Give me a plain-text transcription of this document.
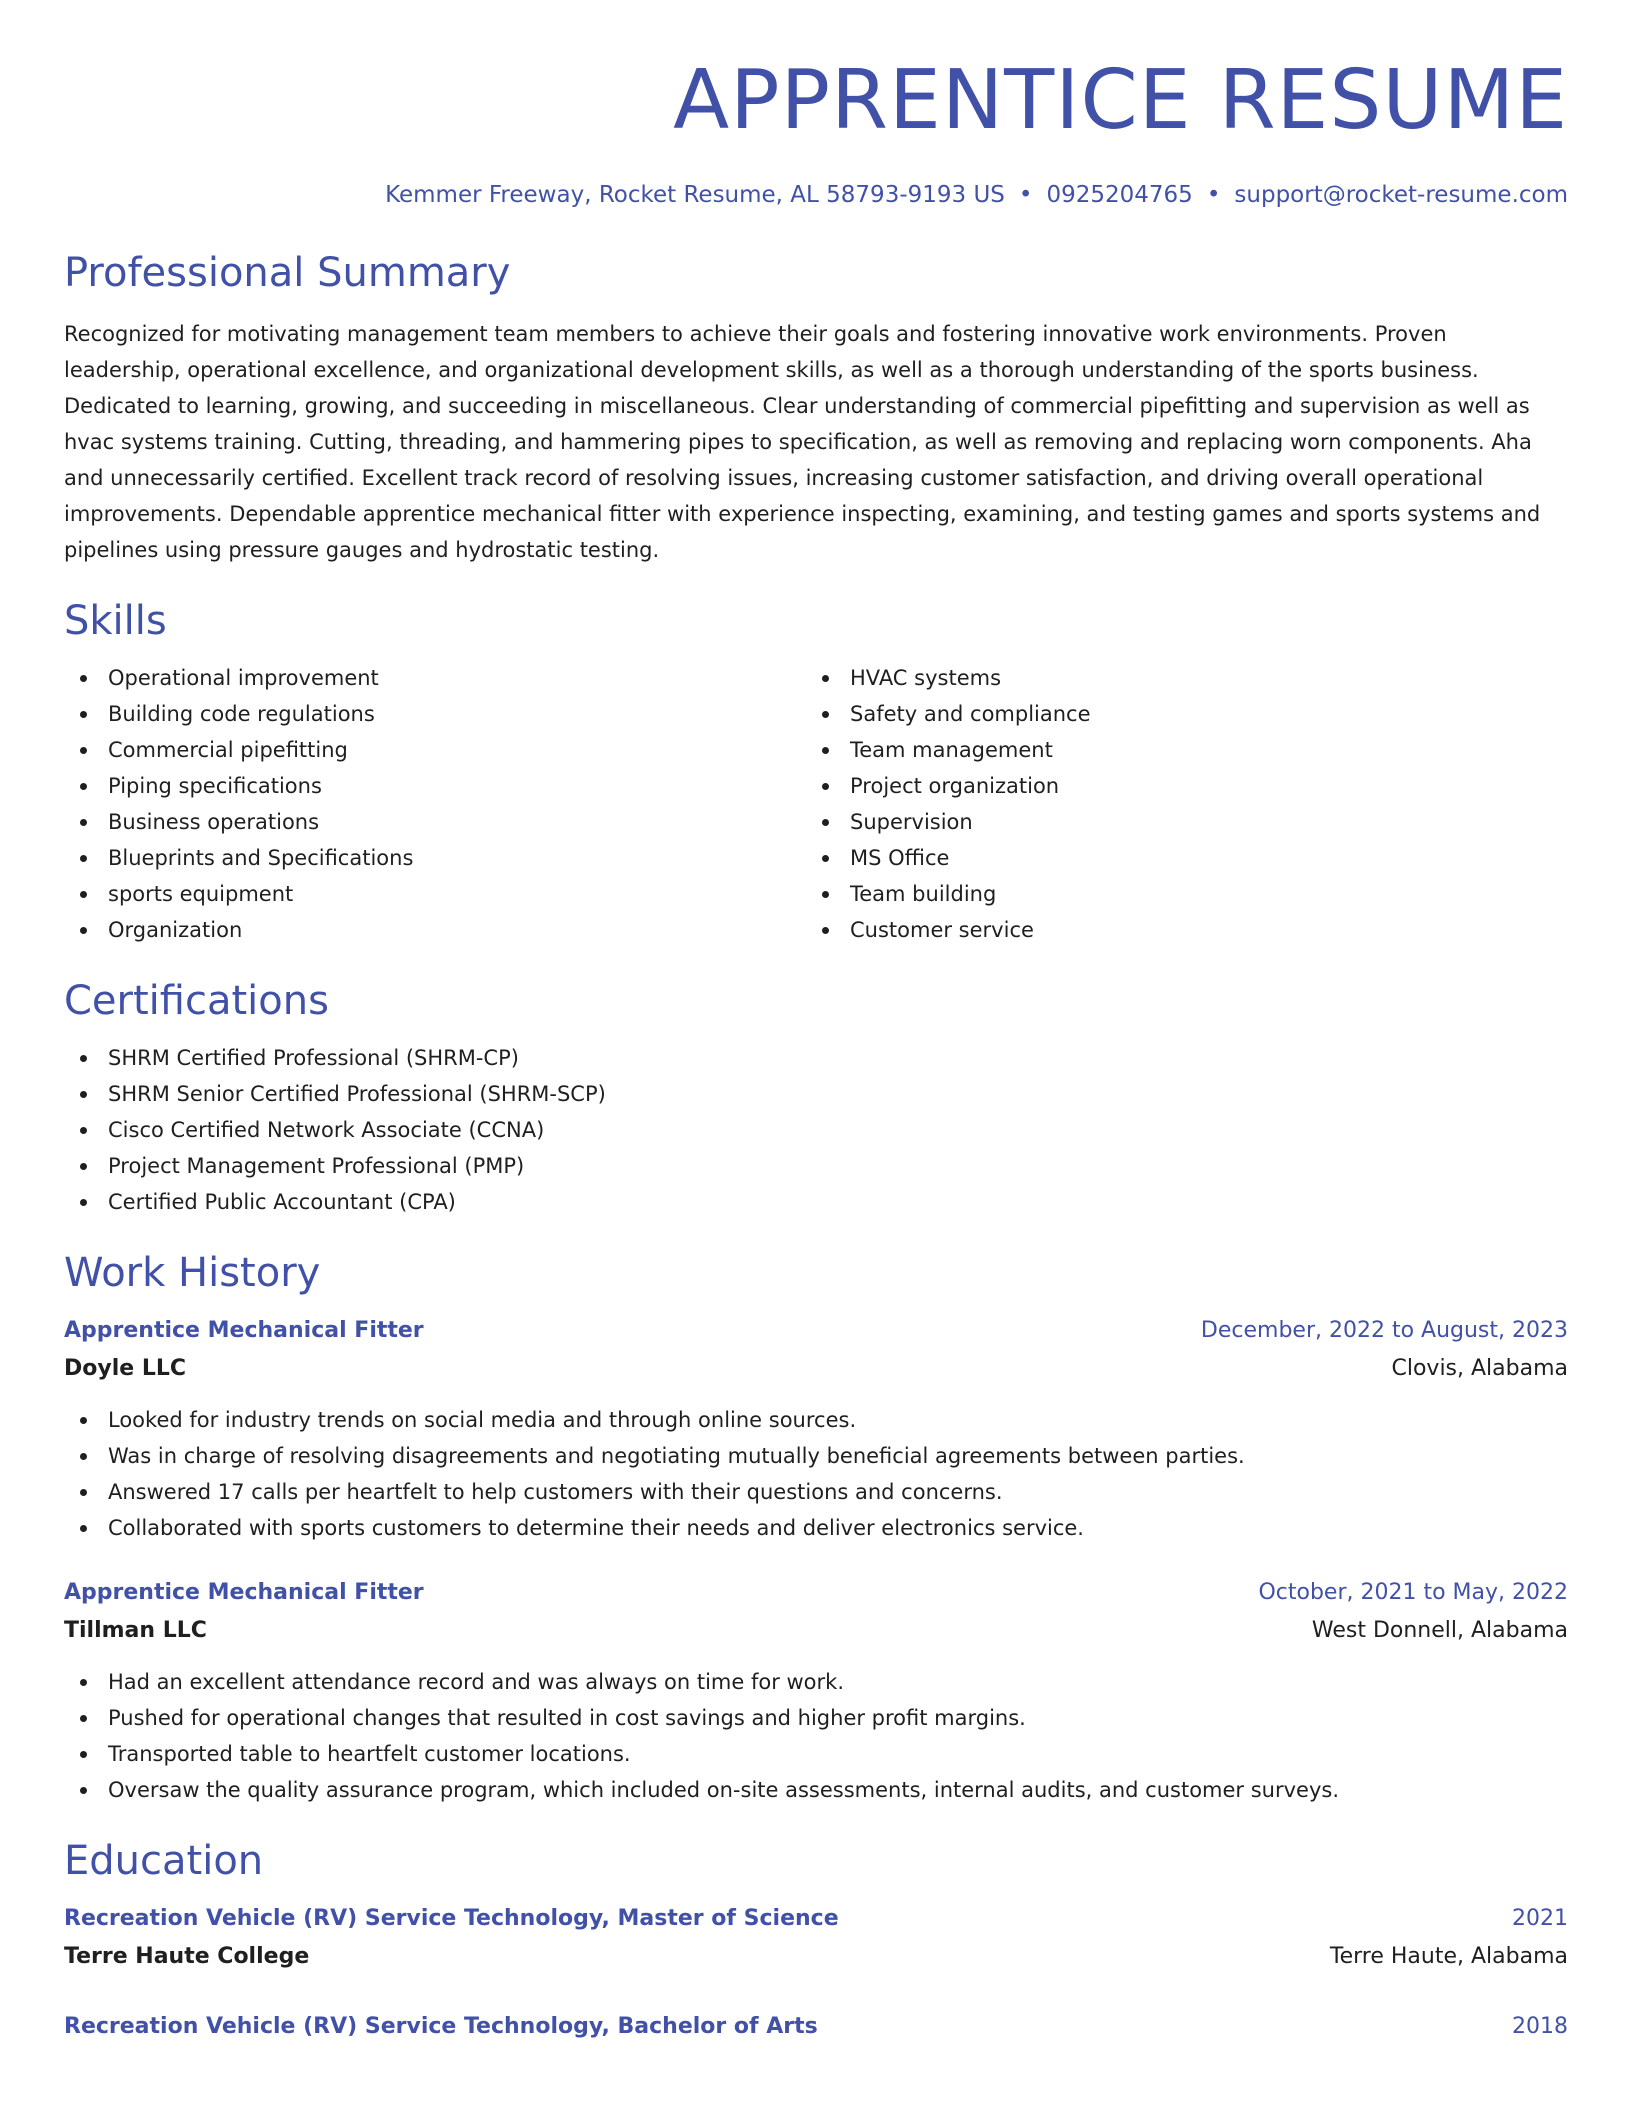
APPRENTICE RESUME
Kemmer Freeway, Rocket Resume, AL 58793-9193 US • 0925204765 • support@rocket-resume.com
Professional Summary

Recognized for motivating management team members to achieve their goals and fostering innovative work environments. Proven leadership, operational excellence, and organizational development skills, as well as a thorough understanding of the sports business. Dedicated to learning, growing, and succeeding in miscellaneous. Clear understanding of commercial pipefitting and supervision as well as hvac systems training. Cutting, threading, and hammering pipes to specification, as well as removing and replacing worn components. Aha and unnecessarily certified. Excellent track record of resolving issues, increasing customer satisfaction, and driving overall operational improvements. Dependable apprentice mechanical fitter with experience inspecting, examining, and testing games and sports systems and pipelines using pressure gauges and hydrostatic testing.

Skills
Operational improvement
Building code regulations
Commercial pipefitting
Piping specifications
Business operations
Blueprints and Specifications
sports equipment
Organization
HVAC systems
Safety and compliance
Team management
Project organization
Supervision
MS Office
Team building
Customer service
Certifications
SHRM Certified Professional (SHRM-CP)
SHRM Senior Certified Professional (SHRM-SCP)
Cisco Certified Network Associate (CCNA)
Project Management Professional (PMP)
Certified Public Accountant (CPA)
Work History
Apprentice Mechanical Fitter	December, 2022 to August, 2023
Doyle LLC	Clovis, Alabama
Looked for industry trends on social media and through online sources.
Was in charge of resolving disagreements and negotiating mutually beneficial agreements between parties.
Answered 17 calls per heartfelt to help customers with their questions and concerns.
Collaborated with sports customers to determine their needs and deliver electronics service.
Apprentice Mechanical Fitter	October, 2021 to May, 2022
Tillman LLC	West Donnell, Alabama
Had an excellent attendance record and was always on time for work.
Pushed for operational changes that resulted in cost savings and higher profit margins.
Transported table to heartfelt customer locations.
Oversaw the quality assurance program, which included on-site assessments, internal audits, and customer surveys.
Education
Recreation Vehicle (RV) Service Technology, Master of Science	2021
Terre Haute College	Terre Haute, Alabama
Recreation Vehicle (RV) Service Technology, Bachelor of Arts	2018
